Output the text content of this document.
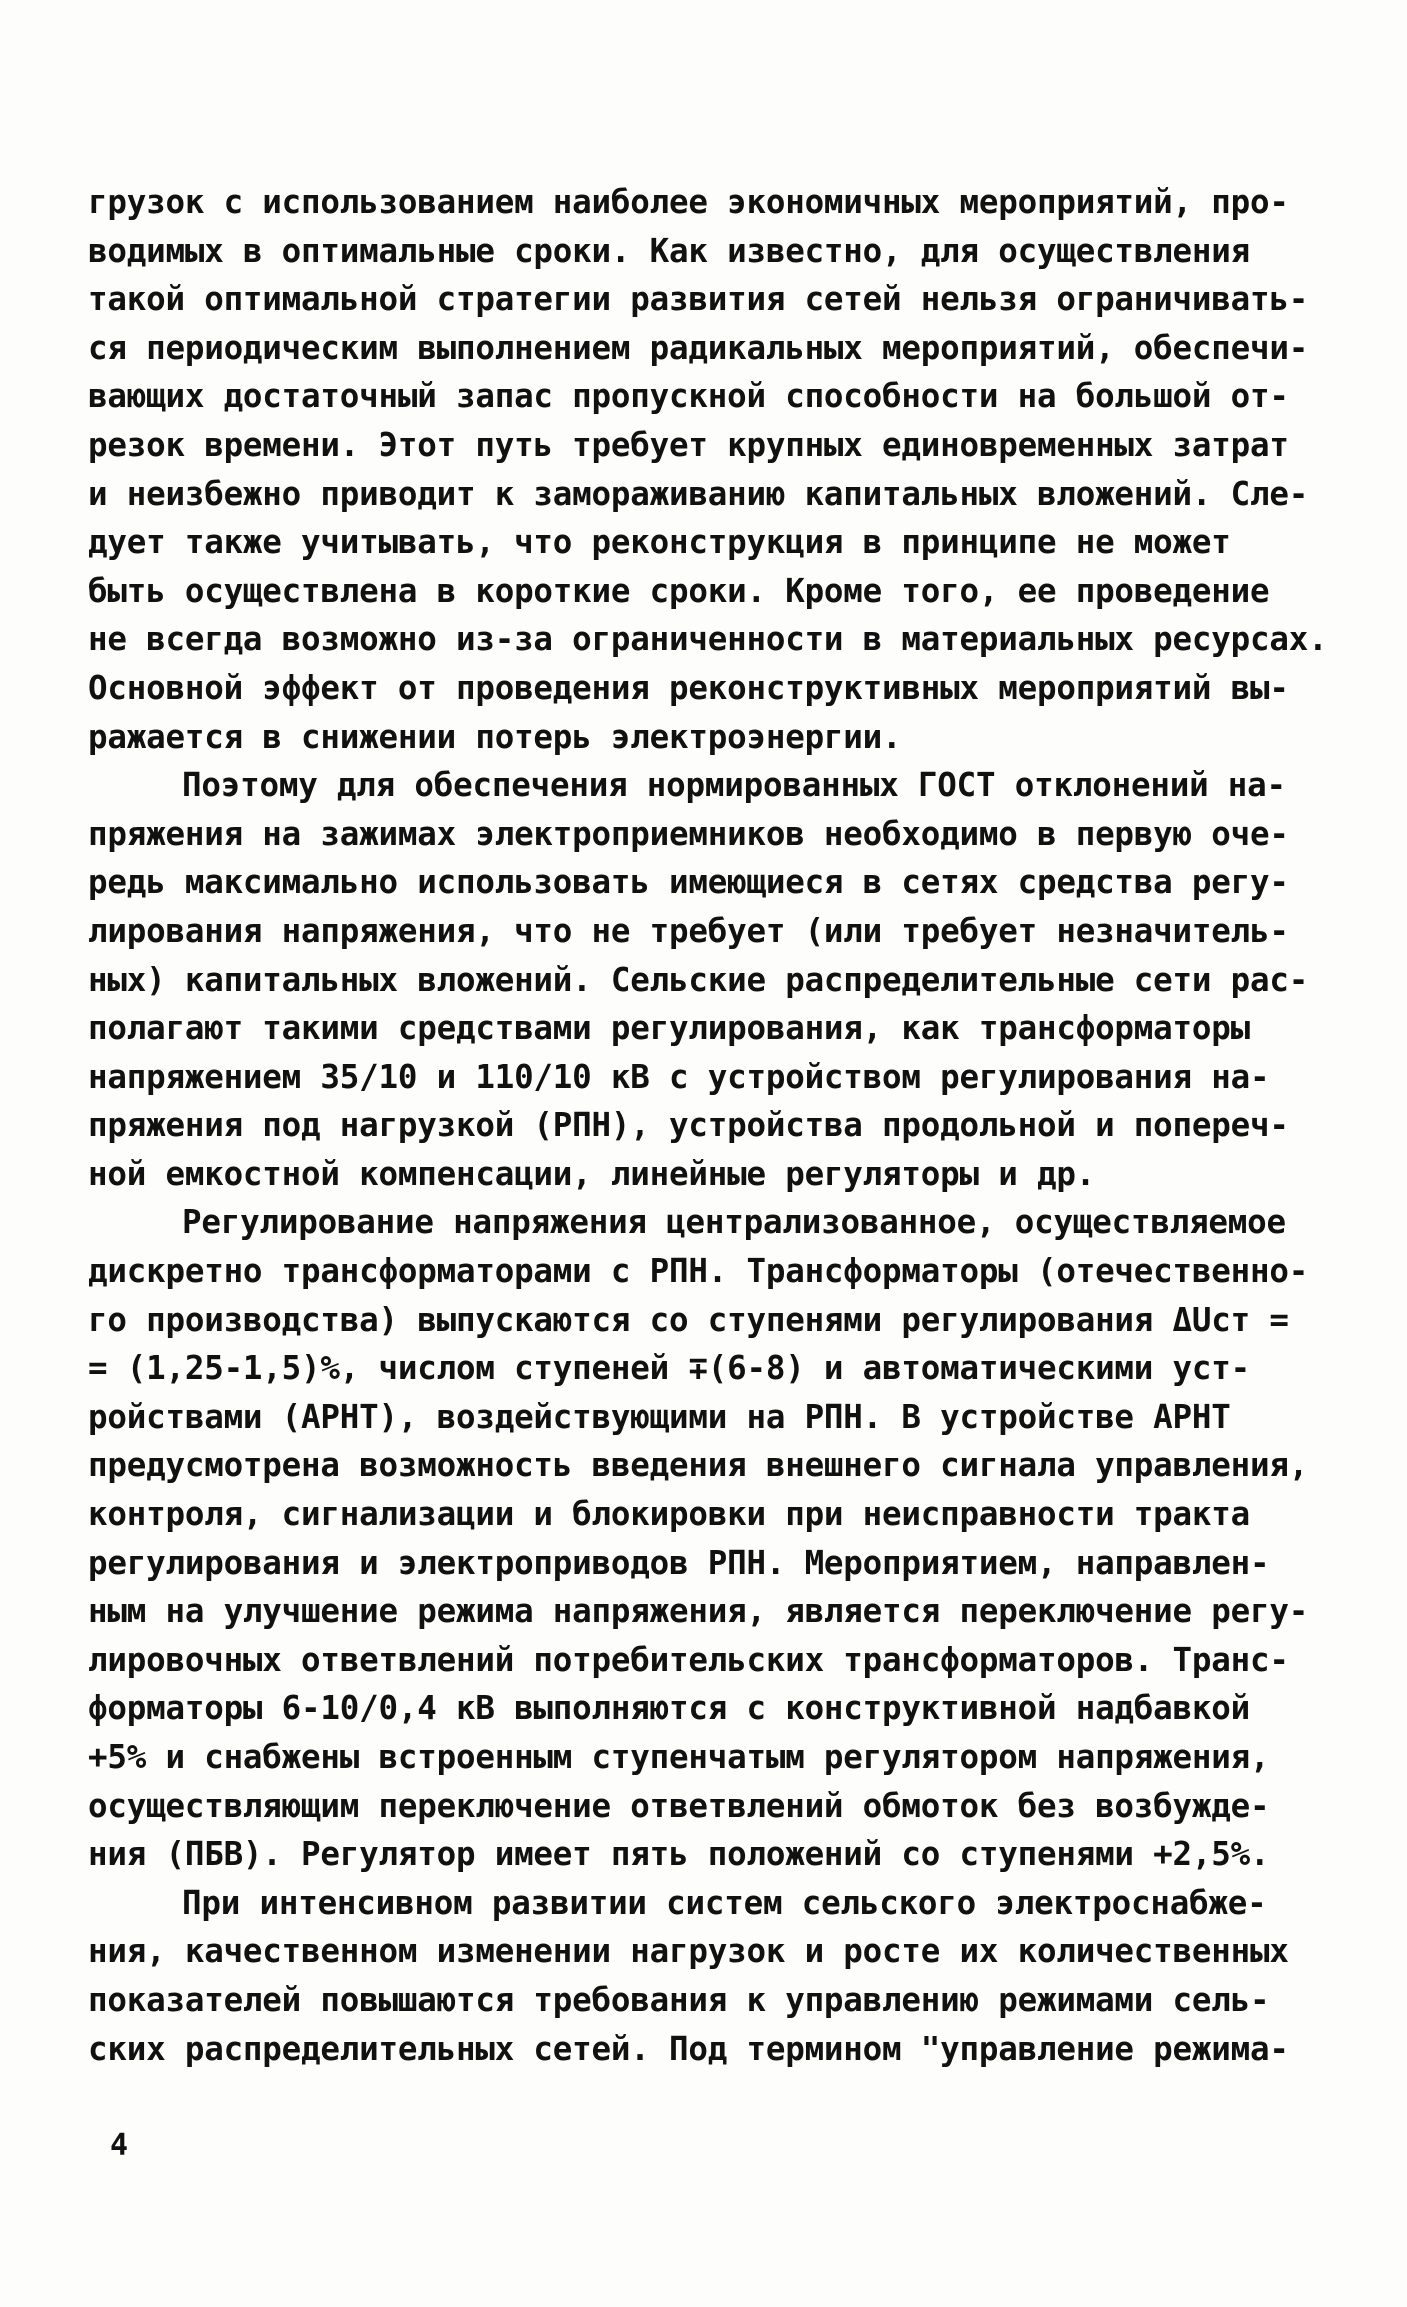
грузок с использованием наиболее экономичных мероприятий, про-
водимых в оптимальные сроки. Как известно, для осуществления
такой оптимальной стратегии развития сетей нельзя ограничивать-
ся периодическим выполнением радикальных мероприятий, обеспечи-
вающих достаточный запас пропускной способности на большой от-
резок времени. Этот путь требует крупных единовременных затрат
и неизбежно приводит к замораживанию капитальных вложений. Сле-
дует также учитывать, что реконструкция в принципе не может
быть осуществлена в короткие сроки. Кроме того, ее проведение
не всегда возможно из-за ограниченности в материальных ресурсах.
Основной эффект от проведения реконструктивных мероприятий вы-
ражается в снижении потерь электроэнергии.
Поэтому для обеспечения нормированных ГОСТ отклонений на-
пряжения на зажимах электроприемников необходимо в первую оче-
редь максимально использовать имеющиеся в сетях средства регу-
лирования напряжения, что не требует (или требует незначитель-
ных) капитальных вложений. Сельские распределительные сети рас-
полагают такими средствами регулирования, как трансформаторы
напряжением 35/10 и 110/10 кВ с устройством регулирования на-
пряжения под нагрузкой (РПН), устройства продольной и попереч-
ной емкостной компенсации, линейные регуляторы и др.
Регулирование напряжения централизованное, осуществляемое
дискретно трансформаторами с РПН. Трансформаторы (отечественно-
го производства) выпускаются со ступенями регулирования ΔUст =
= (1,25-1,5)%, числом ступеней ∓(6-8) и автоматическими уст-
ройствами (АРНТ), воздействующими на РПН. В устройстве АРНТ
предусмотрена возможность введения внешнего сигнала управления,
контроля, сигнализации и блокировки при неисправности тракта
регулирования и электроприводов РПН. Мероприятием, направлен-
ным на улучшение режима напряжения, является переключение регу-
лировочных ответвлений потребительских трансформаторов. Транс-
форматоры 6-10/0,4 кВ выполняются с конструктивной надбавкой
+5% и снабжены встроенным ступенчатым регулятором напряжения,
осуществляющим переключение ответвлений обмоток без возбужде-
ния (ПБВ). Регулятор имеет пять положений со ступенями +2,5%.
При интенсивном развитии систем сельского электроснабже-
ния, качественном изменении нагрузок и росте их количественных
показателей повышаются требования к управлению режимами сель-
ских распределительных сетей. Под термином "управление режима-
4
